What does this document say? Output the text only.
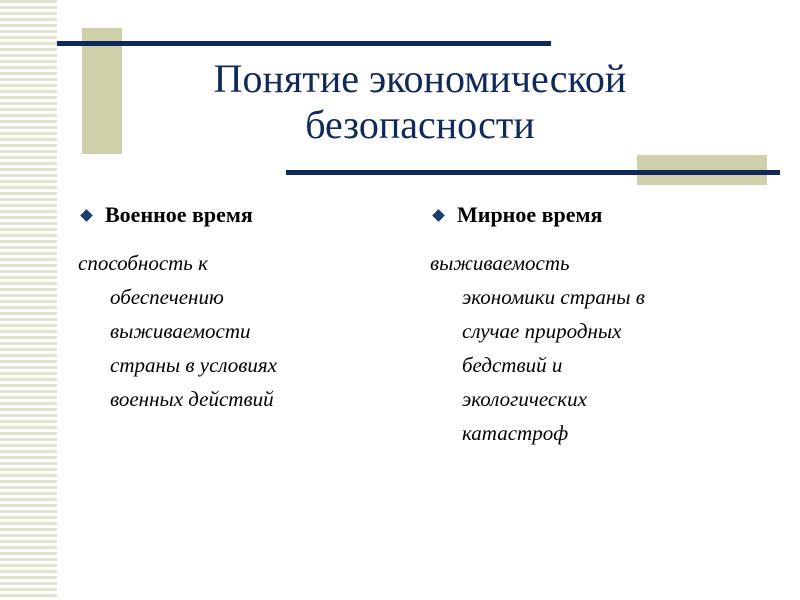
Понятие экономической
безопасности
Военное время
способность к
обеспечению
выживаемости
страны в условиях
военных действий
Мирное время
выживаемость
экономики страны в
случае природных
бедствий и
экологических
катастроф
